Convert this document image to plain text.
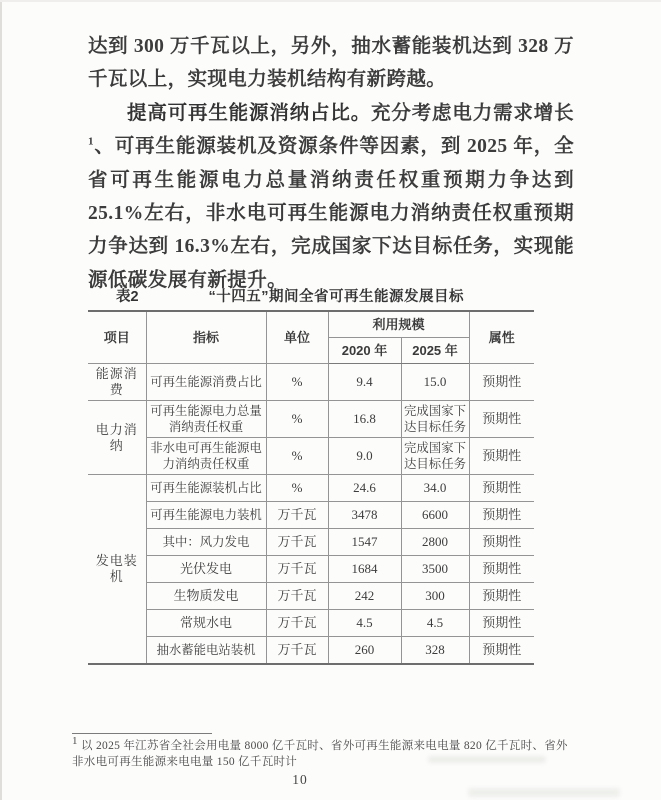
达到 300 万千瓦以上，另外，抽水蓄能装机达到 328 万千瓦以上，实现电力装机结构有新跨越。

提高可再生能源消纳占比。充分考虑电力需求增长$^1$、可再生能源装机及资源条件等因素，到 2025 年，全省可再生能源电力总量消纳责任权重预期力争达到 25.1%左右，非水电可再生能源电力消纳责任权重预期力争达到 16.3%左右，完成国家下达目标任务，实现能源低碳发展有新提升。

表2	“十四五”期间全省可再生能源发展目标
项目	指标	单位	利用规模		属性
			2020 年	2025 年	
能源消费	可再生能源消费占比	%	9.4	15.0	预期性
电力消纳	可再生能源电力总量消纳责任权重	%	16.8	完成国家下达目标任务	预期性
	非水电可再生能源电力消纳责任权重	%	9.0	完成国家下达目标任务	预期性
发电装机	可再生能源装机占比	%	24.6	34.0	预期性
	可再生能源电力装机	万千瓦	3478	6600	预期性
	其中：风力发电	万千瓦	1547	2800	预期性
	光伏发电	万千瓦	1684	3500	预期性
	生物质发电	万千瓦	242	300	预期性
	常规水电	万千瓦	4.5	4.5	预期性
	抽水蓄能电站装机	万千瓦	260	328	预期性
$^1$ 以 2025 年江苏省全社会用电量 8000 亿千瓦时、省外可再生能源来电电量 820 亿千瓦时、省外非水电可再生能源来电电量 150 亿千瓦时计
10
